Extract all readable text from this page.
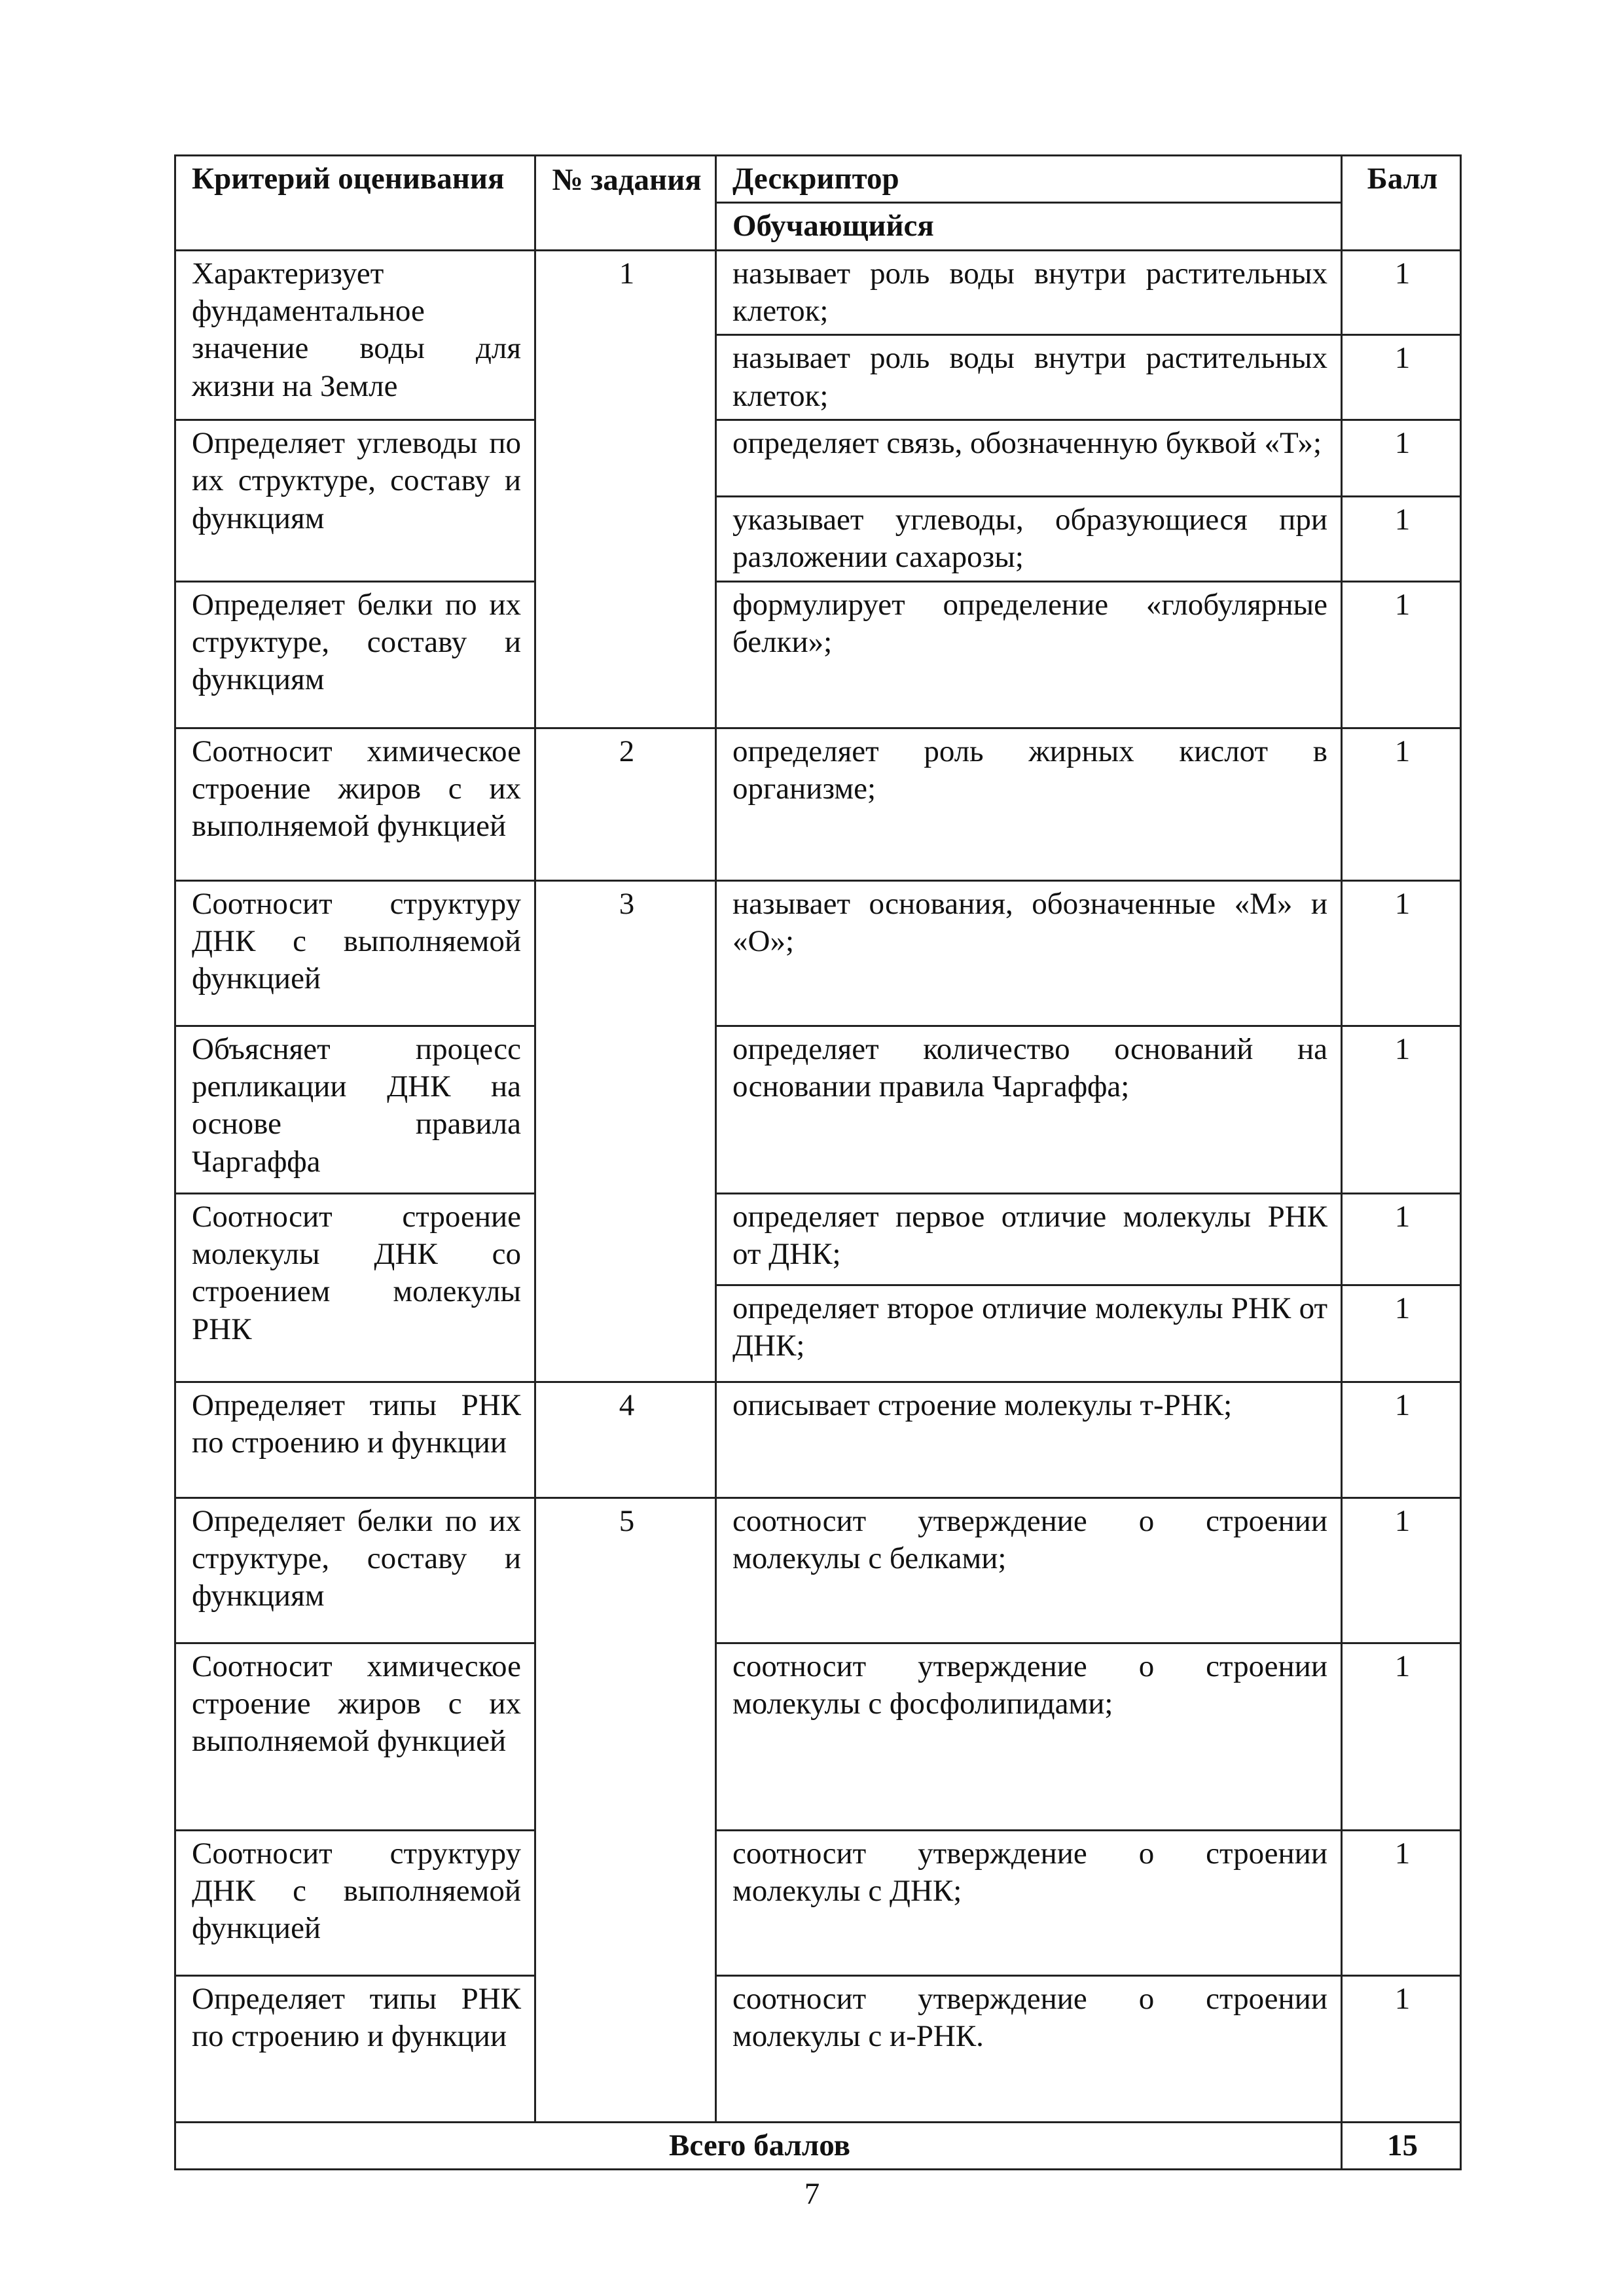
Критерий оценивания	№ задания	Дескриптор	Балл
		Обучающийся	
Характеризует фундаментальное значение воды для жизни на Земле	1	называет роль воды внутри растительных клеток;	1
		называет роль воды внутри растительных клеток;	1
Определяет углеводы по их структуре, составу и функциям		определяет связь, обозначенную буквой «Т»;	1
		указывает углеводы, образующиеся при разложении сахарозы;	1
Определяет белки по их структуре, составу и функциям		формулирует определение «глобулярные белки»;	1
Соотносит химическое строение жиров с их выполняемой функцией	2	определяет роль жирных кислот в организме;	1
Соотносит структуру ДНК с выполняемой функцией	3	называет основания, обозначенные «М» и «О»;	1
Объясняет процесс репликации ДНК на основе правила Чаргаффа		определяет количество оснований на основании правила Чаргаффа;	1
Соотносит строение молекулы ДНК со строением молекулы РНК		определяет первое отличие молекулы РНК от ДНК;	1
		определяет второе отличие молекулы РНК от ДНК;	1
Определяет типы РНК по строению и функции	4	описывает строение молекулы т-РНК;	1
Определяет белки по их структуре, составу и функциям	5	соотносит утверждение о строении молекулы с белками;	1
Соотносит химическое строение жиров с их выполняемой функцией		соотносит утверждение о строении молекулы с фосфолипидами;	1
Соотносит структуру ДНК с выполняемой функцией		соотносит утверждение о строении молекулы с ДНК;	1
Определяет типы РНК по строению и функции		соотносит утверждение о строении молекулы с и-РНК.	1
Всего баллов			15
7
